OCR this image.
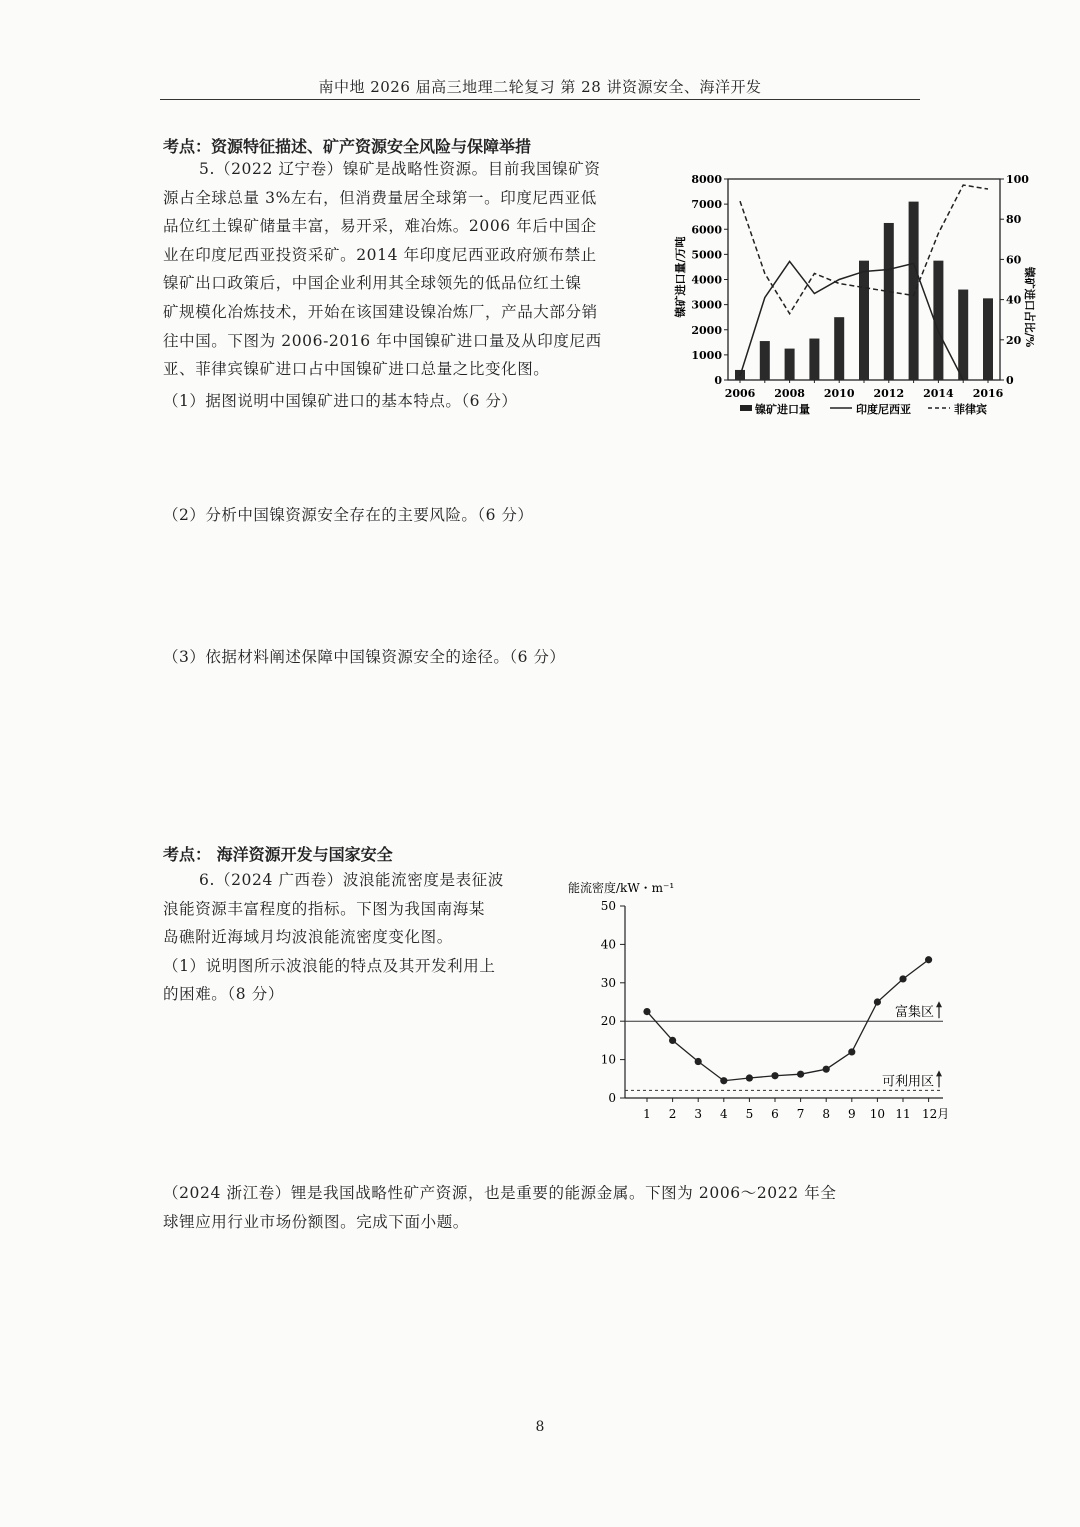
南中地 2026 届高三地理二轮复习 第 28 讲资源安全、海洋开发
考点：资源特征描述、矿产资源安全风险与保障举措

5.（2022 辽宁卷）镍矿是战略性资源。目前我国镍矿资

源占全球总量 3%左右，但消费量居全球第一。印度尼西亚低

品位红土镍矿储量丰富，易开采，难冶炼。2006 年后中国企

业在印度尼西亚投资采矿。2014 年印度尼西亚政府颁布禁止

镍矿出口政策后，中国企业利用其全球领先的低品位红土镍

矿规模化冶炼技术，开始在该国建设镍冶炼厂，产品大部分销

往中国。下图为 2006-2016 年中国镍矿进口量及从印度尼西

亚、菲律宾镍矿进口占中国镍矿进口总量之比变化图。

（1）据图说明中国镍矿进口的基本特点。（6 分）
（2）分析中国镍资源安全存在的主要风险。（6 分）
（3）依据材料阐述保障中国镍资源安全的途径。（6 分）
0
1000
2000
3000
4000
5000
6000
7000
8000
0
20
40
60
80
100
2006 2008 2010 2012 2014 2016
镍矿进口量/万吨	镍矿进口占比/%
镍矿进口量	印度尼西亚	菲律宾
考点： 海洋资源开发与国家安全

6.（2024 广西卷）波浪能流密度是表征波

浪能资源丰富程度的指标。下图为我国南海某

岛礁附近海域月均波浪能流密度变化图。

（1）说明图所示波浪能的特点及其开发利用上

的困难。（8 分）

富集区
可利用区
0
10
20
30
40
50
1 2 3 4 5 6 7 8 9 10 11 12月
能流密度/kW・m⁻¹

（2024 浙江卷）锂是我国战略性矿产资源，也是重要的能源金属。下图为 2006～2022 年全

球锂应用行业市场份额图。完成下面小题。

8
